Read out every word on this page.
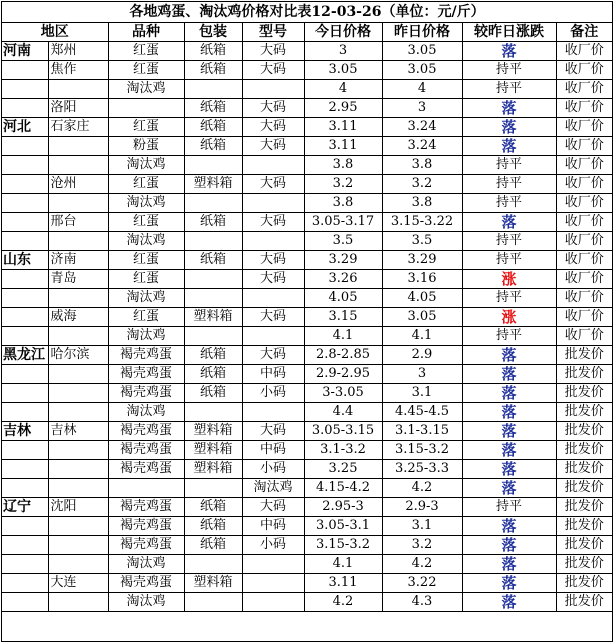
各地鸡蛋、淘汰鸡价格对比表12-03-26（单位：元/斤）
地区		品种	包装	型号	今日价格	昨日价格	较昨日涨跌	备注
河南	郑州	红蛋	纸箱	大码	3	3.05	落	收厂价
	焦作	红蛋	纸箱	大码	3.05	3.05	持平	收厂价
		淘汰鸡			4	4	持平	收厂价
	洛阳		纸箱	大码	2.95	3	落	收厂价
河北	石家庄	红蛋	纸箱	大码	3.11	3.24	落	收厂价
		粉蛋	纸箱	大码	3.11	3.24	落	收厂价
		淘汰鸡			3.8	3.8	持平	收厂价
	沧州	红蛋	塑料箱	大码	3.2	3.2	持平	收厂价
		淘汰鸡			3.8	3.8	持平	收厂价
	邢台	红蛋	纸箱	大码	3.05-3.17	3.15-3.22	落	收厂价
		淘汰鸡			3.5	3.5	持平	收厂价
山东	济南	红蛋	纸箱	大码	3.29	3.29	持平	收厂价
	青岛	红蛋		大码	3.26	3.16	涨	收厂价
		淘汰鸡			4.05	4.05	持平	收厂价
	威海	红蛋	塑料箱	大码	3.15	3.05	涨	收厂价
		淘汰鸡			4.1	4.1	持平	收厂价
黑龙江	哈尔滨	褐壳鸡蛋	纸箱	大码	2.8-2.85	2.9	落	批发价
		褐壳鸡蛋	纸箱	中码	2.9-2.95	3	落	批发价
		褐壳鸡蛋	纸箱	小码	3-3.05	3.1	落	批发价
		淘汰鸡			4.4	4.45-4.5	落	批发价
吉林	吉林	褐壳鸡蛋	塑料箱	大码	3.05-3.15	3.1-3.15	落	批发价
		褐壳鸡蛋	塑料箱	中码	3.1-3.2	3.15-3.2	落	批发价
		褐壳鸡蛋	塑料箱	小码	3.25	3.25-3.3	落	批发价
				淘汰鸡	4.15-4.2	4.2	落	批发价
辽宁	沈阳	褐壳鸡蛋	纸箱	大码	2.95-3	2.9-3	持平	批发价
		褐壳鸡蛋	纸箱	中码	3.05-3.1	3.1	落	批发价
		褐壳鸡蛋	纸箱	小码	3.15-3.2	3.2	落	批发价
		淘汰鸡			4.1	4.2	落	批发价
	大连	褐壳鸡蛋	塑料箱		3.11	3.22	落	批发价
		淘汰鸡			4.2	4.3	落	批发价
